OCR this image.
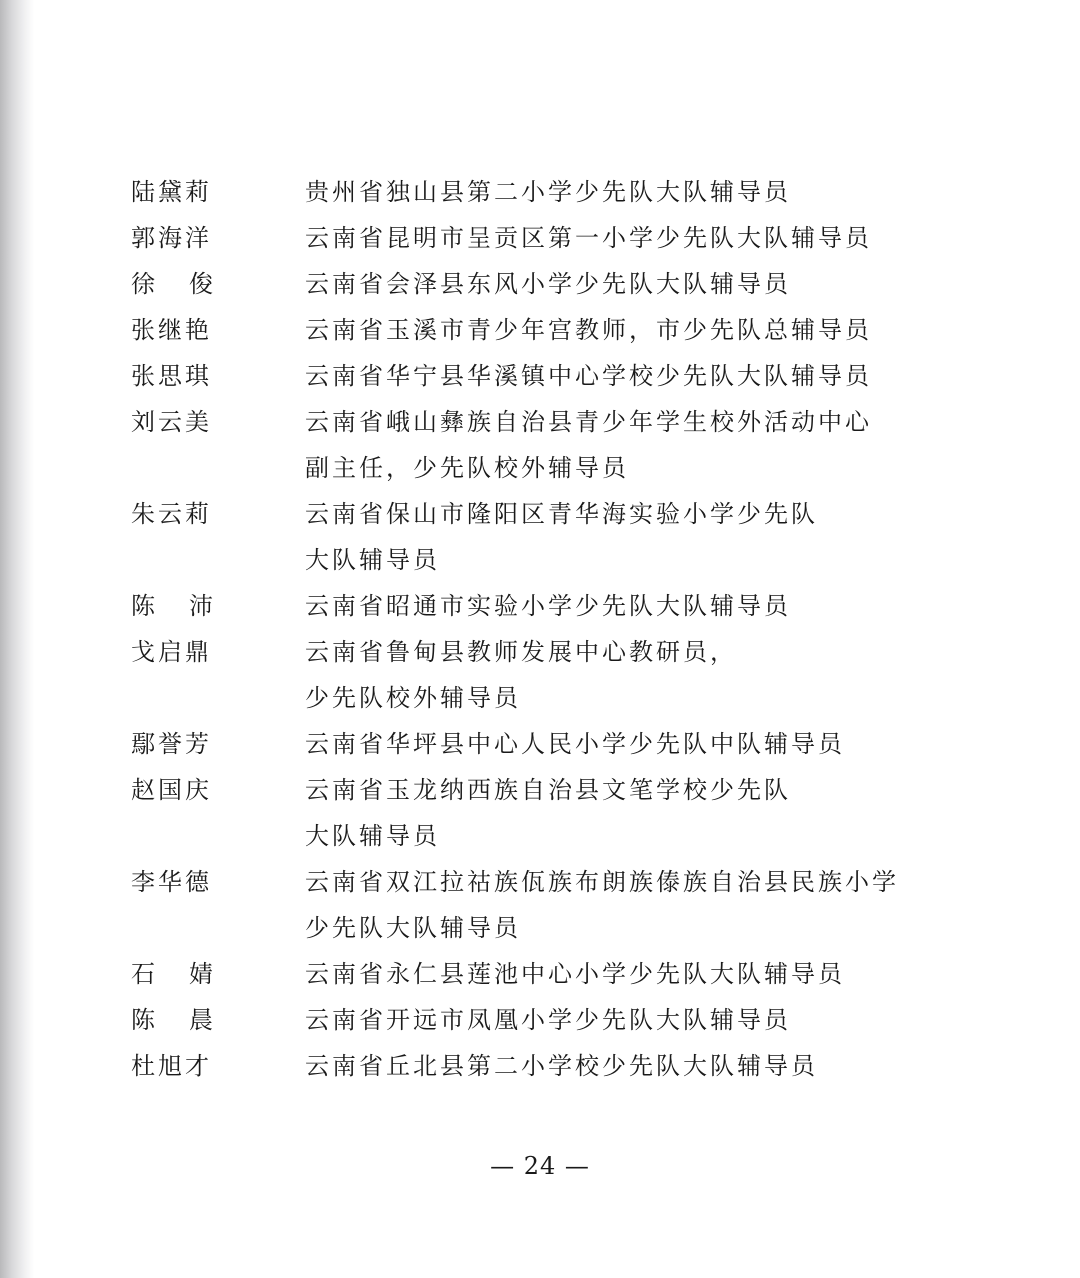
陆黛莉	贵州省独山县第二小学少先队大队辅导员
郭海洋	云南省昆明市呈贡区第一小学少先队大队辅导员
徐俊 云南省会泽县东风小学少先队大队辅导员
张继艳	云南省玉溪市青少年宫教师，市少先队总辅导员
张思琪	云南省华宁县华溪镇中心学校少先队大队辅导员
刘云美	云南省峨山彝族自治县青少年学生校外活动中心
副主任，少先队校外辅导员
朱云莉	云南省保山市隆阳区青华海实验小学少先队
大队辅导员
陈沛 云南省昭通市实验小学少先队大队辅导员
戈启鼎	云南省鲁甸县教师发展中心教研员，
少先队校外辅导员
鄢誉芳	云南省华坪县中心人民小学少先队中队辅导员
赵国庆	云南省玉龙纳西族自治县文笔学校少先队
大队辅导员
李华德	云南省双江拉祜族佤族布朗族傣族自治县民族小学
少先队大队辅导员
石婧 云南省永仁县莲池中心小学少先队大队辅导员
陈晨 云南省开远市凤凰小学少先队大队辅导员
杜旭才	云南省丘北县第二小学校少先队大队辅导员
— 24 —
